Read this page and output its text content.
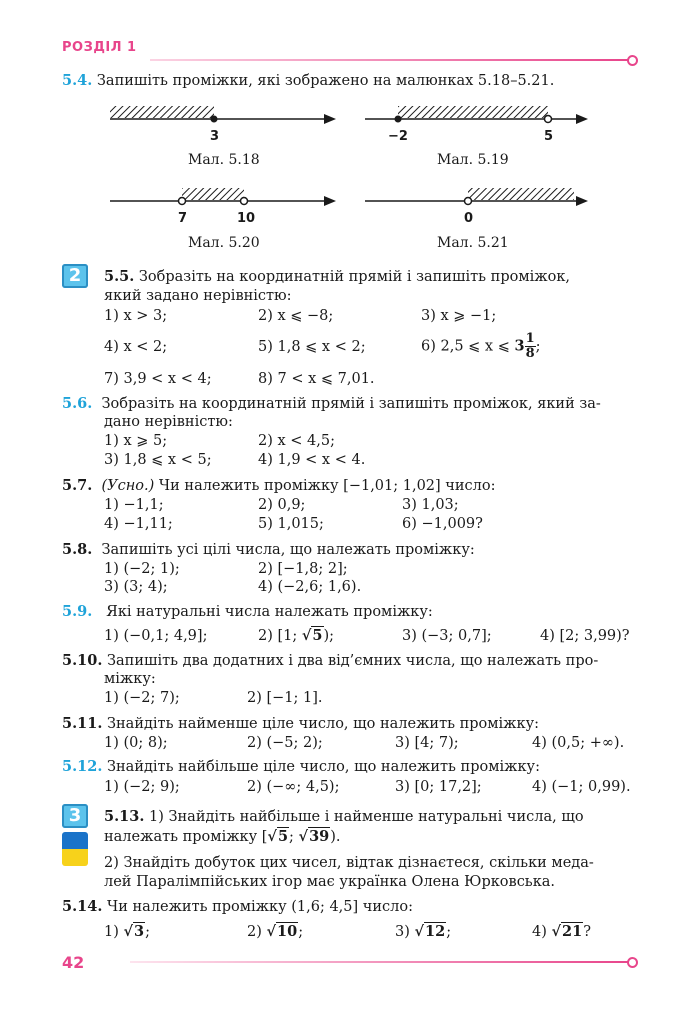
РОЗДІЛ 1
5.4. Запишіть проміжки, які зображено на малюнках 5.18–5.21.
3	−2	5
7	10	0
Мал. 5.18	Мал. 5.19
Мал. 5.20	Мал. 5.21
2	5.5. Зобразіть на координатній прямій і запишіть проміжок,
який задано нерівністю:
1) x > 3;	2) x ⩽ −8;	3) x ⩾ −1;
4) x < 2;	5) 1,8 ⩽ x < 2;	6) 2,5 ⩽ x ⩽ $3 \frac{1}{8}$ ;
7) 3,9 < x < 4;	8) 7 < x ⩽ 7,01.
5.6. Зобразіть на координатній прямій і запишіть проміжок, який за-
дано нерівністю:
1) x ⩾ 5;	2) x < 4,5;
3) 1,8 ⩽ x < 5;	4) 1,9 < x < 4.
5.7. (Усно.) Чи належить проміжку [−1,01; 1,02] число:
1) −1,1;	2) 0,9;	3) 1,03;
4) −1,11;	5) 1,015;	6) −1,009?
5.8. Запишіть усі цілі числа, що належать проміжку:
1) (−2; 1);	2) [−1,8; 2];
3) (3; 4);	4) (−2,6; 1,6).
5.9. Які натуральні числа належать проміжку:
1) (−0,1; 4,9];	2) [1; √5);	3) (−3; 0,7];	4) [2; 3,99)?
5.10. Запишіть два додатних і два від’ємних числа, що належать про-
міжку:
1) (−2; 7);	2) [−1; 1].
5.11. Знайдіть найменше ціле число, що належить проміжку:
1) (0; 8);	2) (−5; 2);	3) [4; 7);	4) (0,5; +∞).
5.12. Знайдіть найбільше ціле число, що належить проміжку:
1) (−2; 9);	2) (−∞; 4,5);	3) [0; 17,2];	4) (−1; 0,99).
3	5.13. 1) Знайдіть найбільше і найменше натуральні числа, що
належать проміжку [√5; √39).
2) Знайдіть добуток цих чисел, відтак дізнаєтеся, скільки меда-
лей Паралімпійських ігор має українка Олена Юрковська.
5.14. Чи належить проміжку (1,6; 4,5] число:
1) √3;	2) √10;	3) √12;	4) √21?
42
